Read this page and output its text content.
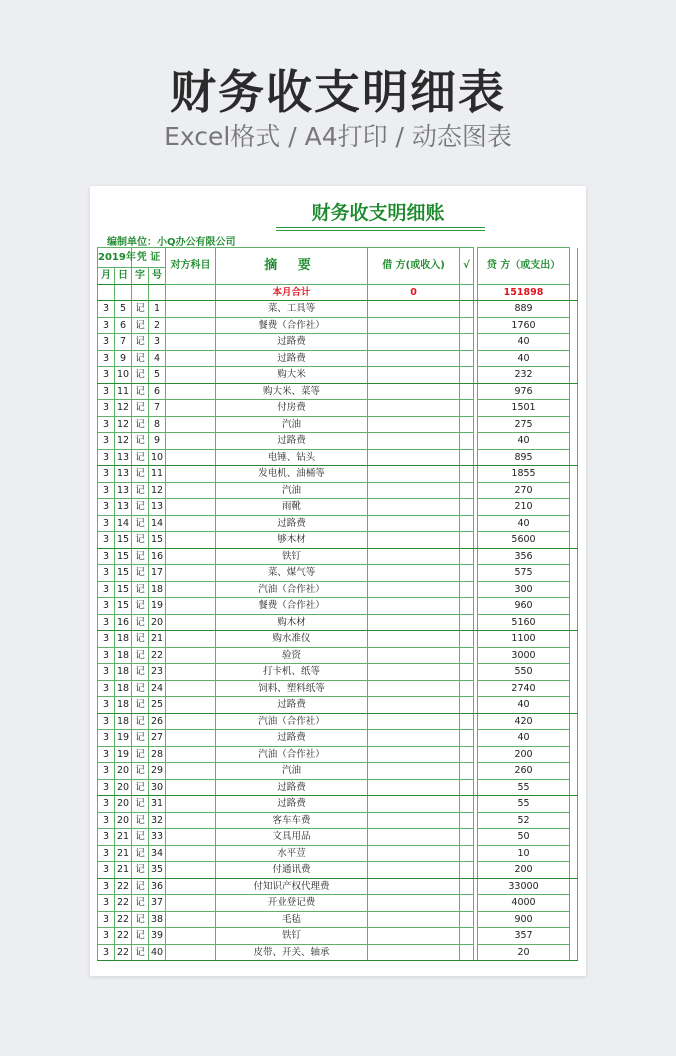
财务收支明细表
Excel格式 / A4打印 / 动态图表
财务收支明细账
编制单位：小Q办公有限公司
2019年		凭 证		对方科目	摘 要	借 方(或收入)	√		贷 方（或支出）	
月	日	字	号							
					本月合计	0			151898	
3	5	记	1		菜、工具等				889	
3	6	记	2		餐费（合作社）				1760	
3	7	记	3		过路费				40	
3	9	记	4		过路费				40	
3	10	记	5		购大米				232	
3	11	记	6		购大米、菜等				976	
3	12	记	7		付房费				1501	
3	12	记	8		汽油				275	
3	12	记	9		过路费				40	
3	13	记	10		电锤、钻头				895	
3	13	记	11		发电机、油桶等				1855	
3	13	记	12		汽油				270	
3	13	记	13		雨靴				210	
3	14	记	14		过路费				40	
3	15	记	15		够木材				5600	
3	15	记	16		铁钉				356	
3	15	记	17		菜、煤气等				575	
3	15	记	18		汽油（合作社）				300	
3	15	记	19		餐费（合作社）				960	
3	16	记	20		购木材				5160	
3	18	记	21		购水准仪				1100	
3	18	记	22		验资				3000	
3	18	记	23		打卡机、纸等				550	
3	18	记	24		饲料、塑料纸等				2740	
3	18	记	25		过路费				40	
3	18	记	26		汽油（合作社）				420	
3	19	记	27		过路费				40	
3	19	记	28		汽油（合作社）				200	
3	20	记	29		汽油				260	
3	20	记	30		过路费				55	
3	20	记	31		过路费				55	
3	20	记	32		客车车费				52	
3	21	记	33		文具用品				50	
3	21	记	34		水平荳				10	
3	21	记	35		付通讯费				200	
3	22	记	36		付知识产权代理费				33000	
3	22	记	37		开业登记费				4000	
3	22	记	38		毛毡				900	
3	22	记	39		铁钉				357	
3	22	记	40		皮带、开关、轴承				20	
